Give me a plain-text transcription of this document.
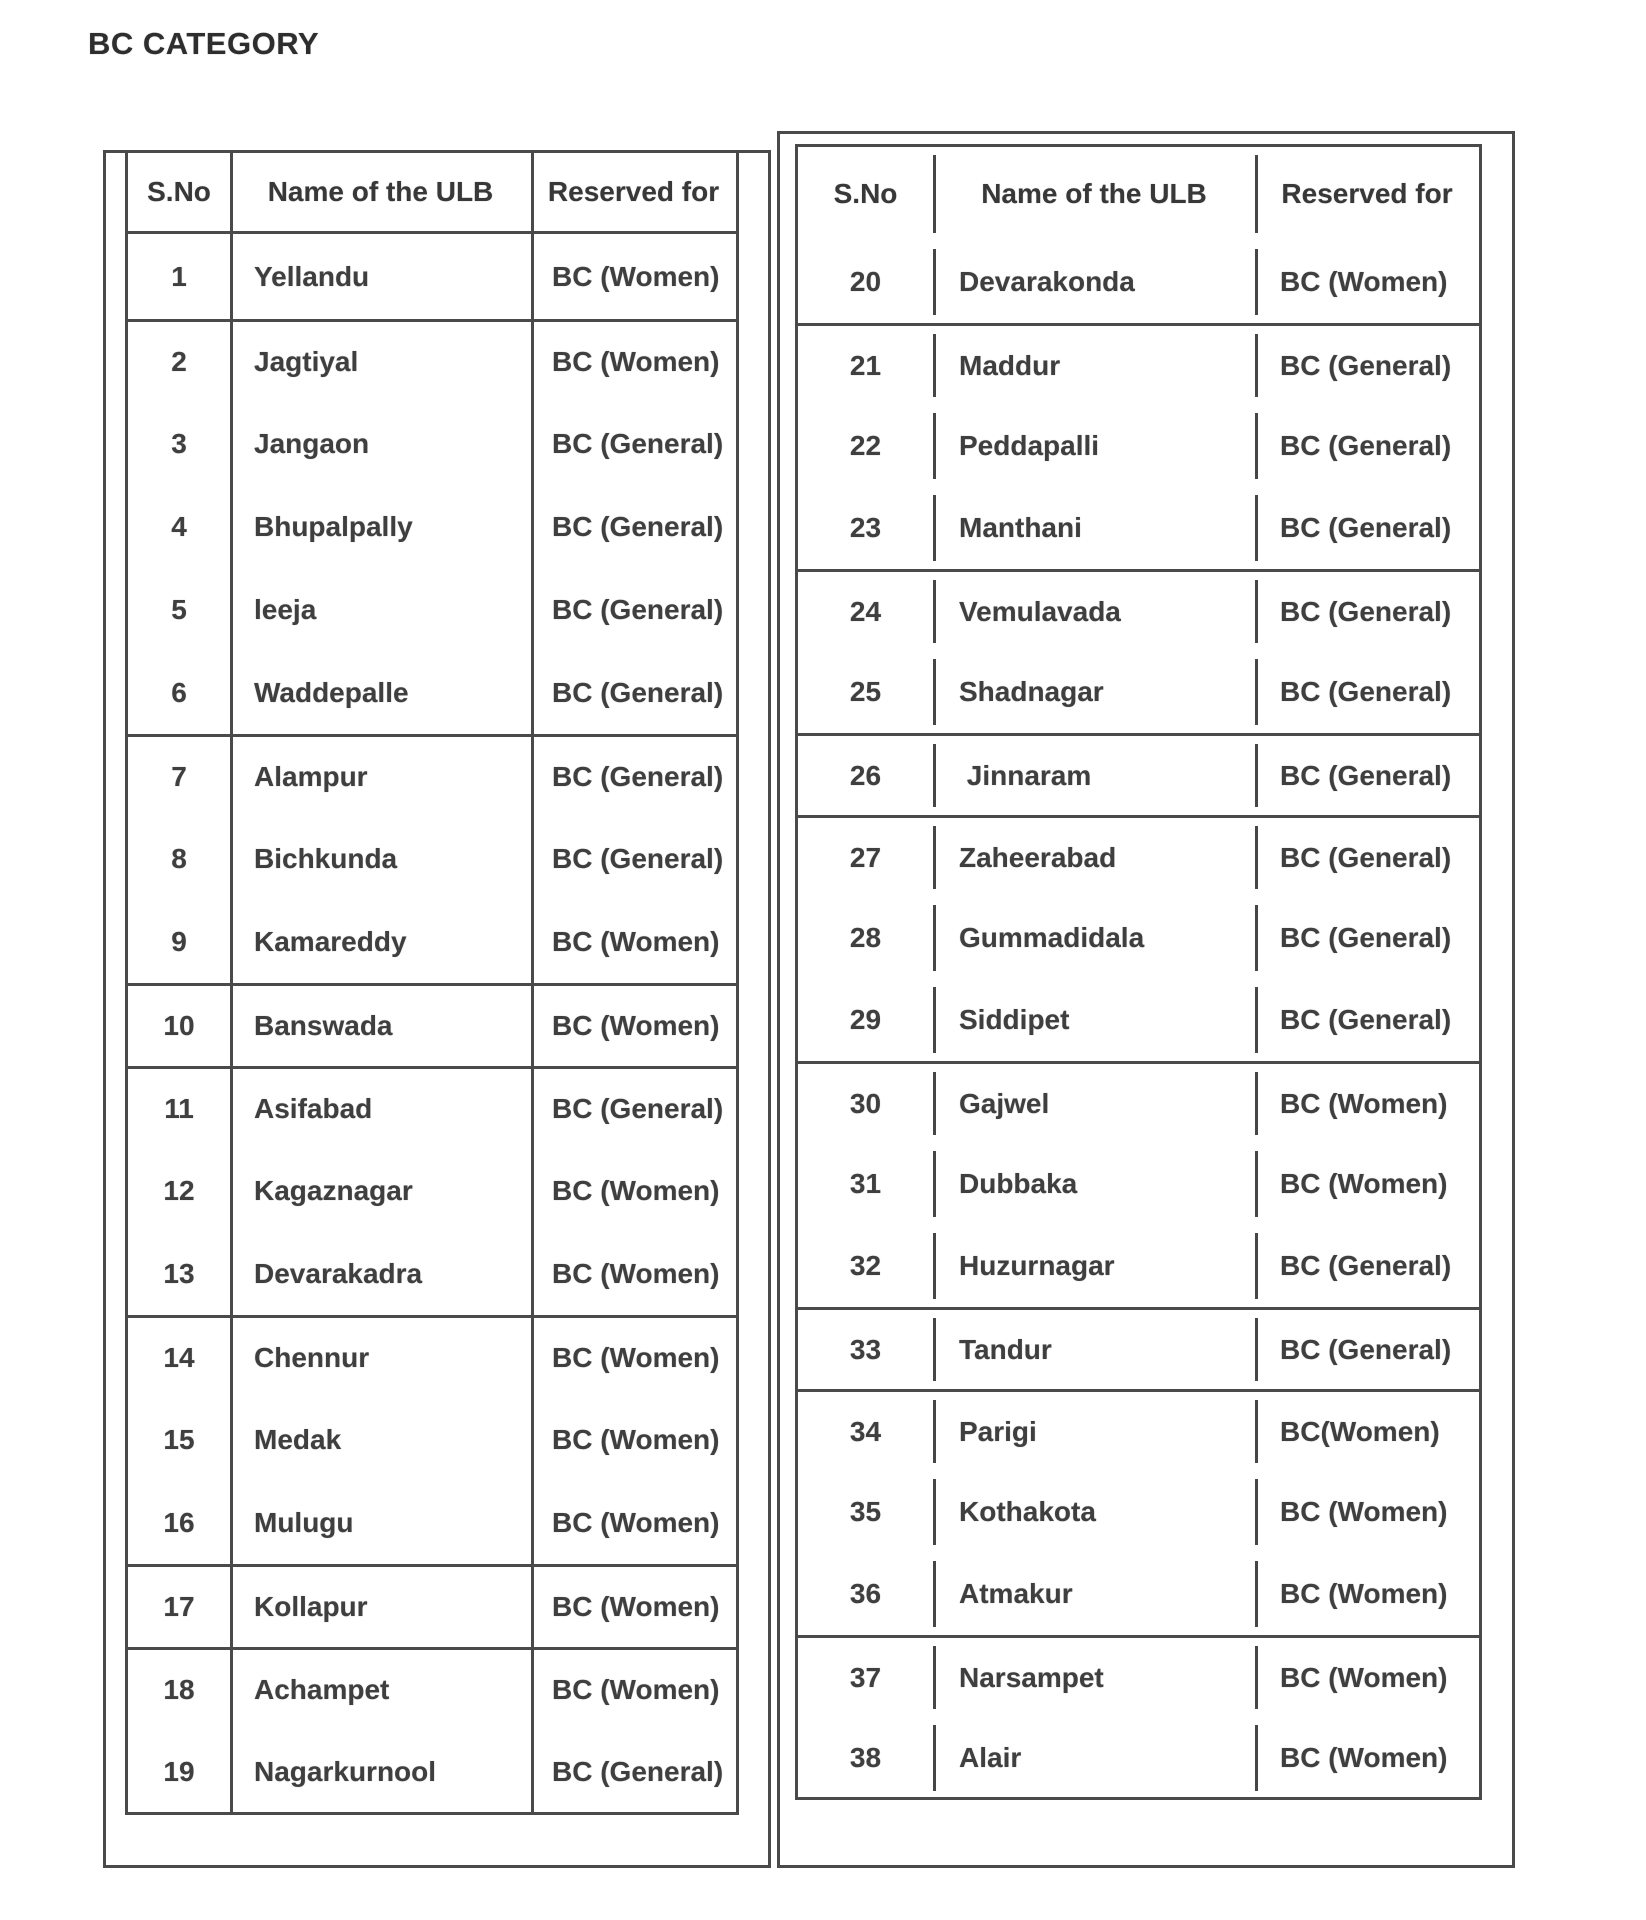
BC CATEGORY
S.No	Name of the ULB	Reserved for
1	Yellandu	BC (Women)
2	Jagtiyal	BC (Women)
3	Jangaon	BC (General)
4	Bhupalpally	BC (General)
5	leeja	BC (General)
6	Waddepalle	BC (General)
7	Alampur	BC (General)
8	Bichkunda	BC (General)
9	Kamareddy	BC (Women)
10	Banswada	BC (Women)
11	Asifabad	BC (General)
12	Kagaznagar	BC (Women)
13	Devarakadra	BC (Women)
14	Chennur	BC (Women)
15	Medak	BC (Women)
16	Mulugu	BC (Women)
17	Kollapur	BC (Women)
18	Achampet	BC (Women)
19	Nagarkurnool	BC (General)
S.No	Name of the ULB	Reserved for
20	Devarakonda	BC (Women)
21	Maddur	BC (General)
22	Peddapalli	BC (General)
23	Manthani	BC (General)
24	Vemulavada	BC (General)
25	Shadnagar	BC (General)
26	Jinnaram	BC (General)
27	Zaheerabad	BC (General)
28	Gummadidala	BC (General)
29	Siddipet	BC (General)
30	Gajwel	BC (Women)
31	Dubbaka	BC (Women)
32	Huzurnagar	BC (General)
33	Tandur	BC (General)
34	Parigi	BC(Women)
35	Kothakota	BC (Women)
36	Atmakur	BC (Women)
37	Narsampet	BC (Women)
38	Alair	BC (Women)
